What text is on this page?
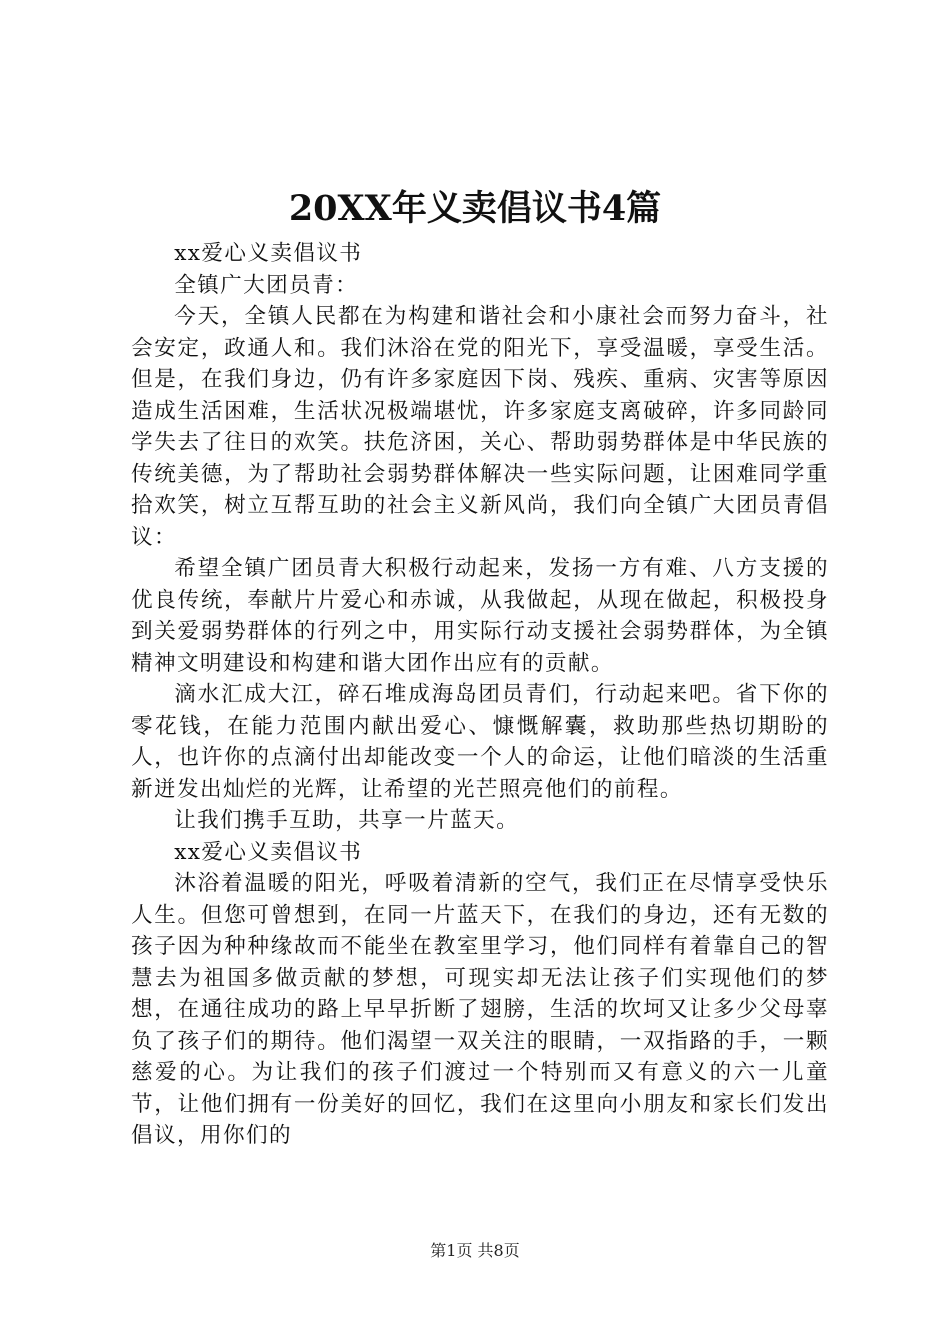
20XX年义卖倡议书4篇

xx爱心义卖倡议书

全镇广大团员青：

今天，全镇人民都在为构建和谐社会和小康社会而努力奋斗，社会安定，政通人和。我们沐浴在党的阳光下，享受温暖，享受生活。但是，在我们身边，仍有许多家庭因下岗、残疾、重病、灾害等原因造成生活困难，生活状况极端堪忧，许多家庭支离破碎，许多同龄同学失去了往日的欢笑。扶危济困，关心、帮助弱势群体是中华民族的传统美德，为了帮助社会弱势群体解决一些实际问题，让困难同学重拾欢笑，树立互帮互助的社会主义新风尚，我们向全镇广大团员青倡议：

希望全镇广团员青大积极行动起来，发扬一方有难、八方支援的优良传统，奉献片片爱心和赤诚，从我做起，从现在做起，积极投身到关爱弱势群体的行列之中，用实际行动支援社会弱势群体，为全镇精神文明建设和构建和谐大团作出应有的贡献。

滴水汇成大江，碎石堆成海岛团员青们，行动起来吧。省下你的零花钱，在能力范围内献出爱心、慷慨解囊，救助那些热切期盼的人，也许你的点滴付出却能改变一个人的命运，让他们暗淡的生活重新迸发出灿烂的光辉，让希望的光芒照亮他们的前程。

让我们携手互助，共享一片蓝天。

xx爱心义卖倡议书

沐浴着温暖的阳光，呼吸着清新的空气，我们正在尽情享受快乐人生。但您可曾想到，在同一片蓝天下，在我们的身边，还有无数的孩子因为种种缘故而不能坐在教室里学习，他们同样有着靠自己的智慧去为祖国多做贡献的梦想，可现实却无法让孩子们实现他们的梦想，在通往成功的路上早早折断了翅膀，生活的坎坷又让多少父母辜负了孩子们的期待。他们渴望一双关注的眼睛，一双指路的手，一颗慈爱的心。为让我们的孩子们渡过一个特别而又有意义的六一儿童节，让他们拥有一份美好的回忆，我们在这里向小朋友和家长们发出倡议，用你们的

第1页 共8页
